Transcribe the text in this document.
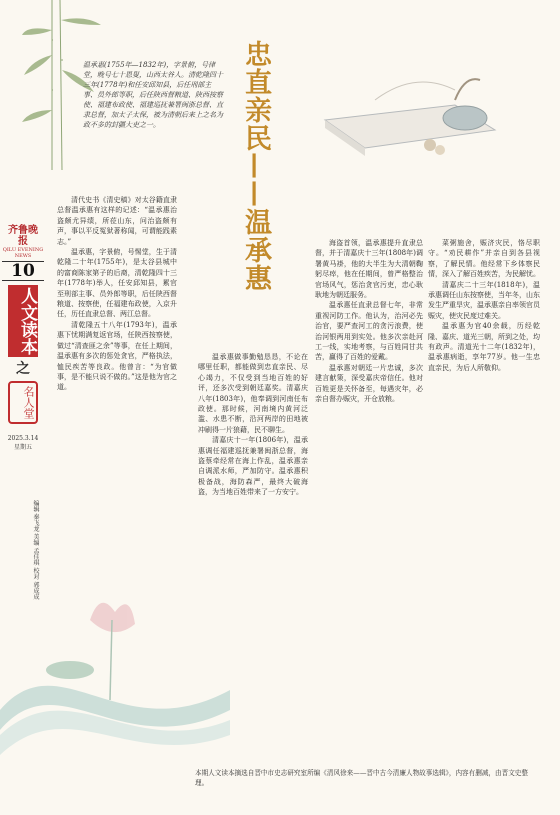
齐鲁晚报
QILU EVENING NEWS
10
人文读本
之
名人堂
2025.3.14
星期五
编辑 秦飞龙 美编 孟佳琪 校对 郭成成
温承惠(1755年—1832年)，字景俯，号律堂，晚号七十恩叟，山西太谷人。清乾隆四十三年(1778年)和任安邱知县，后任刑部主事、员外郎等职，后任陕西督粮道、陕西按察使、福建布政使、福建巡抚兼署闽浙总督、直隶总督，加太子太保，被为清朝后来上之名为政不多的封疆大吏之一。	忠直亲民——温承惠

清代史书《清史稿》对太谷籍直隶总督温承惠有这样的记述：“温承惠治盗颇尤异绩，所莅山东，问治盗颇有声，事以平反冤狱著称闻，可谓能践素志。”

温承惠，字景俯，号惕堂，生于清乾隆二十年(1755年)，是太谷县城中的富商陈家第子的后裔，清乾隆四十三年(1778年)举人，任安邱知县，累官至刑部主事、员外郎等职，后任陕西督粮道、按察使，任福建布政使，入京升任，历任直隶总督、两江总督。

清乾隆五十八年(1793年)，温承惠下忧期满复返官场，任陕西按察使，做过“清查匪之余”等事，在任上期间，温承惠有多次的惩处贪官，严格执法，恤民疾苦等良政。他曾言：“为官做事，是不能只说不做的。”这是他为官之道。

温承惠做事勤勉恳恳，不论在哪里任职，都能做到忠直亲民、尽心竭力，不仅受到当地百姓的好评，还多次受到朝廷嘉奖。清嘉庆八年(1803年)，他奉调到河南任布政使。那时候，河南境内黄河泛滥、水患不断，沿河两岸的田地被冲刷得一片狼藉，民不聊生。

清嘉庆十一年(1806年)，温承惠调任福建巡抚兼署闽浙总督，海盗蔡牵经常在海上作乱，温承惠亲自调派水师，严加防守。温承惠积极备战，海防森严，最终大破海盗，为当地百姓带来了一方安宁。

海盗首领，温承惠提升直隶总督，并于清嘉庆十三年(1808年)调署黄马褂，他的大半生为大清朝鞠躬尽瘁，他在任期间，曾严格整治官场风气，惩治贪官污吏，忠心耿耿地为朝廷服务。

温承惠任直隶总督七年，非常重视河防工作。他认为，治河必先治官，要严查河工的贪污浪费，使治河银两用到实处。他多次亲赴河工一线，实地考察，与百姓同甘共苦，赢得了百姓的爱戴。

温承惠对朝廷一片忠诚，多次建言献策，深受嘉庆帝信任。他对百姓更是关怀备至，每遇灾年，必亲自督办赈灾，开仓放粮。

菜粥施舍，赈济灾民，恪尽职守。“劝民耕作”并亲自到各县视察，了解民情。他经常下乡体察民情，深入了解百姓疾苦，为民解忧。

清嘉庆二十三年(1818年)，温承惠调任山东按察使，当年冬，山东发生严重旱灾，温承惠亲自率领官员赈灾，使灾民度过难关。

温承惠为官40余载，历经乾隆、嘉庆、道光三朝，所到之处，均有政声。清道光十二年(1832年)，温承惠病逝，享年77岁。他一生忠直亲民，为后人所敬仰。

本期人文读本摘选自晋中市史志研究室所编《清风徐来——晋中古今清廉人物故事选辑》，内容有删减，由晋文史整理。
